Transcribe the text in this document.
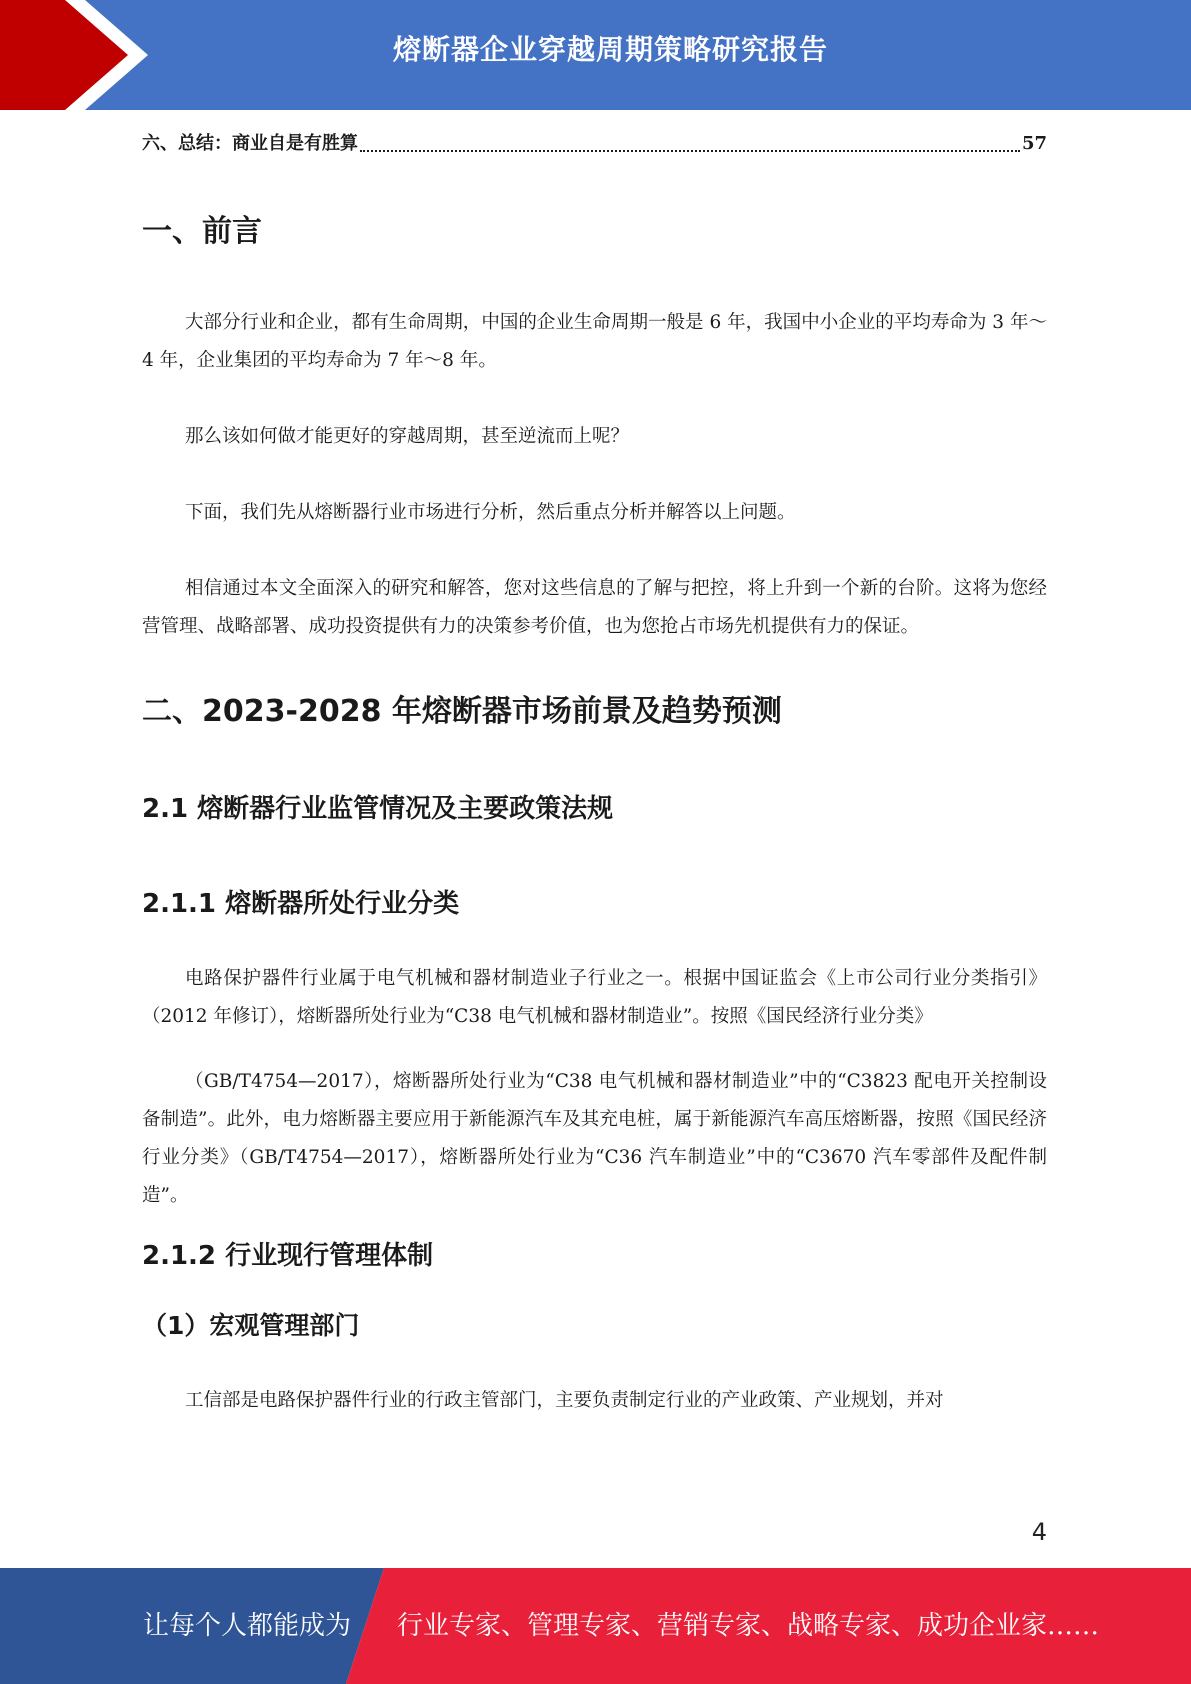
熔断器企业穿越周期策略研究报告
六、总结：商业自是有胜算	57
一、前言

大部分行业和企业，都有生命周期，中国的企业生命周期一般是 6 年，我国中小企业的平均寿命为 3 年～4 年，企业集团的平均寿命为 7 年～8 年。

那么该如何做才能更好的穿越周期，甚至逆流而上呢？

下面，我们先从熔断器行业市场进行分析，然后重点分析并解答以上问题。

相信通过本文全面深入的研究和解答，您对这些信息的了解与把控，将上升到一个新的台阶。这将为您经营管理、战略部署、成功投资提供有力的决策参考价值，也为您抢占市场先机提供有力的保证。

二、2023-2028 年熔断器市场前景及趋势预测
2.1 熔断器行业监管情况及主要政策法规
2.1.1 熔断器所处行业分类

电路保护器件行业属于电气机械和器材制造业子行业之一。根据中国证监会《上市公司行业分类指引》（2012 年修订），熔断器所处行业为“C38 电气机械和器材制造业”。按照《国民经济行业分类》

（GB/T4754—2017），熔断器所处行业为“C38 电气机械和器材制造业”中的“C3823 配电开关控制设备制造”。此外，电力熔断器主要应用于新能源汽车及其充电桩，属于新能源汽车高压熔断器，按照《国民经济行业分类》（GB/T4754—2017），熔断器所处行业为“C36 汽车制造业”中的“C3670 汽车零部件及配件制造”。

2.1.2 行业现行管理体制
（1）宏观管理部门

工信部是电路保护器件行业的行政主管部门，主要负责制定行业的产业政策、产业规划，并对

4
让每个人都能成为 行业专家、管理专家、营销专家、战略专家、成功企业家……
